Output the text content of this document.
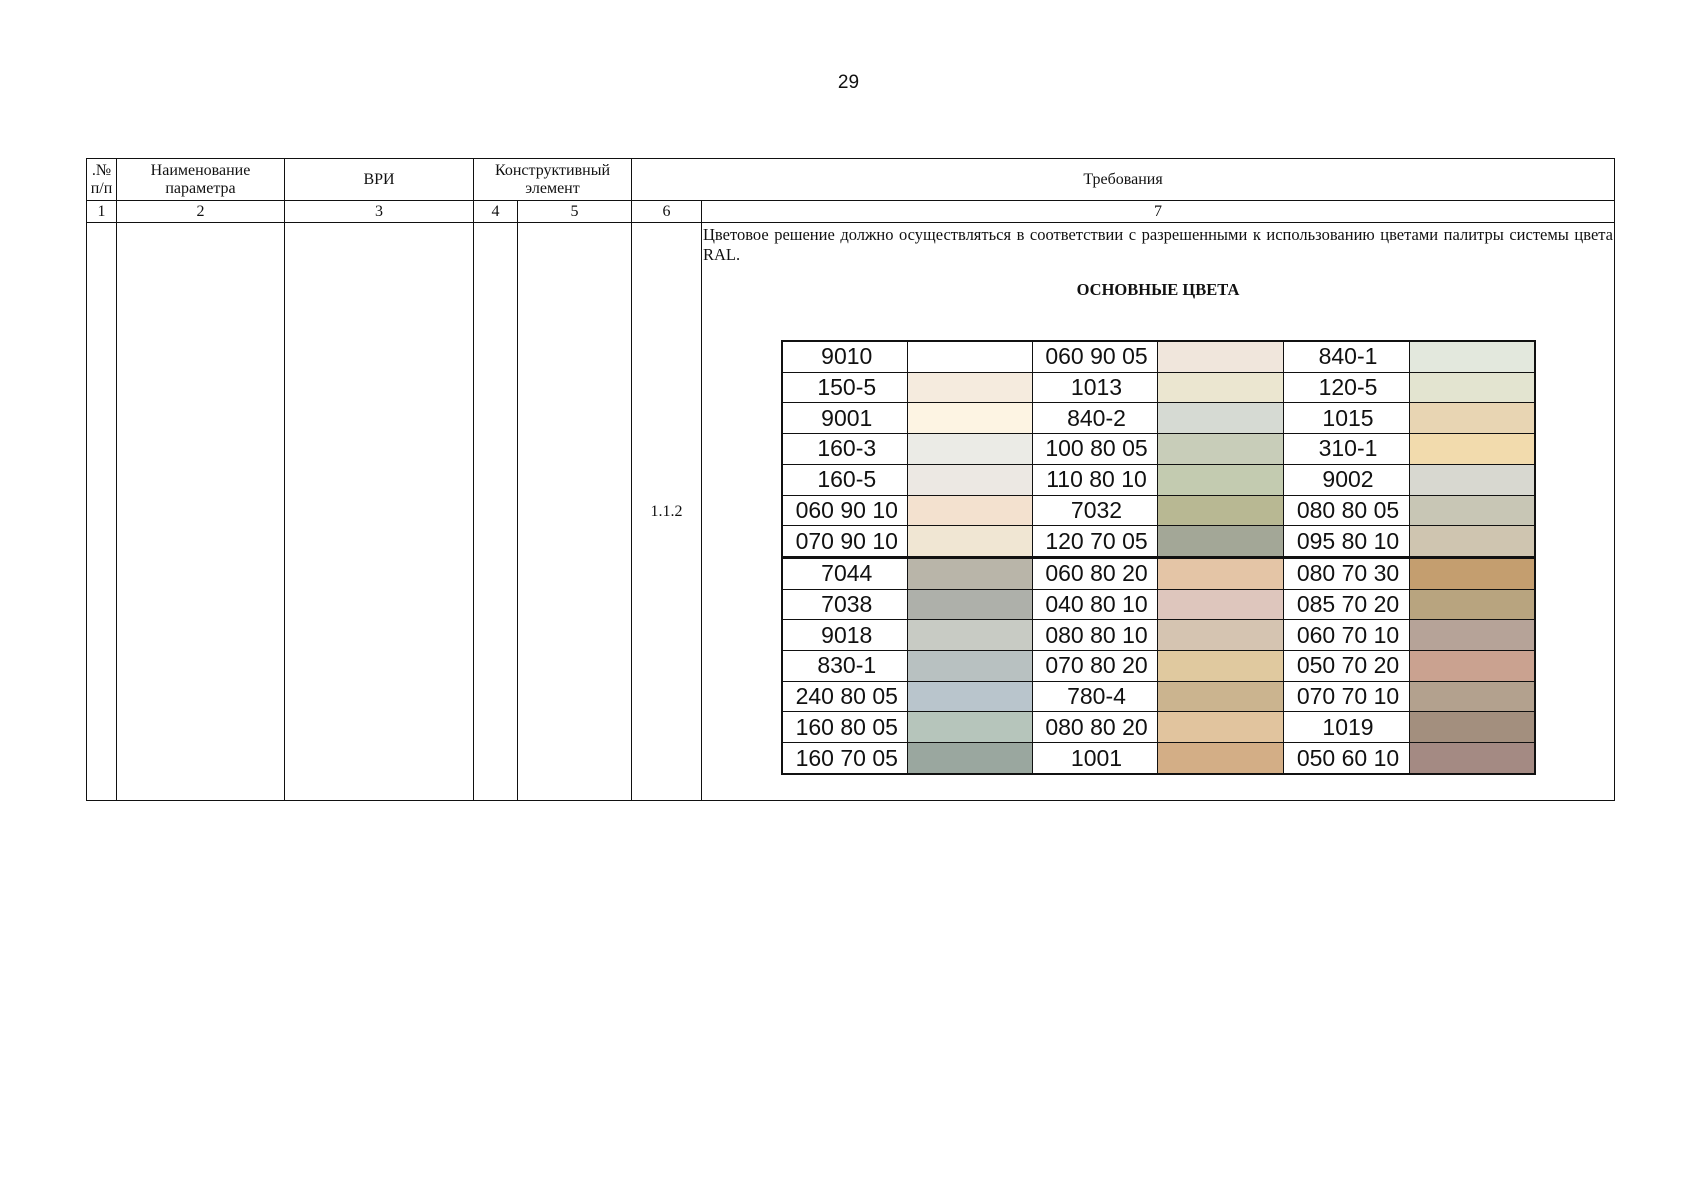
29
.№ п/п	Наименование параметра	ВРИ	Конструктивный элемент	Требования
1	2	3	4	5	6	7
					1.1.2	
Цветовое решение должно осуществляться в соответствии с разрешенными к использованию цветами палитры системы цвета RAL.
ОСНОВНЫЕ ЦВЕТА
9010		060 90 05		840-1	
150-5		1013		120-5	
9001		840-2		1015	
160-3		100 80 05		310-1	
160-5		110 80 10		9002	
060 90 10		7032		080 80 05	
070 90 10		120 70 05		095 80 10	
7044		060 80 20		080 70 30	
7038		040 80 10		085 70 20	
9018		080 80 10		060 70 10	
830-1		070 80 20		050 70 20	
240 80 05		780-4		070 70 10	
160 80 05		080 80 20		1019	
160 70 05		1001		050 60 10	
